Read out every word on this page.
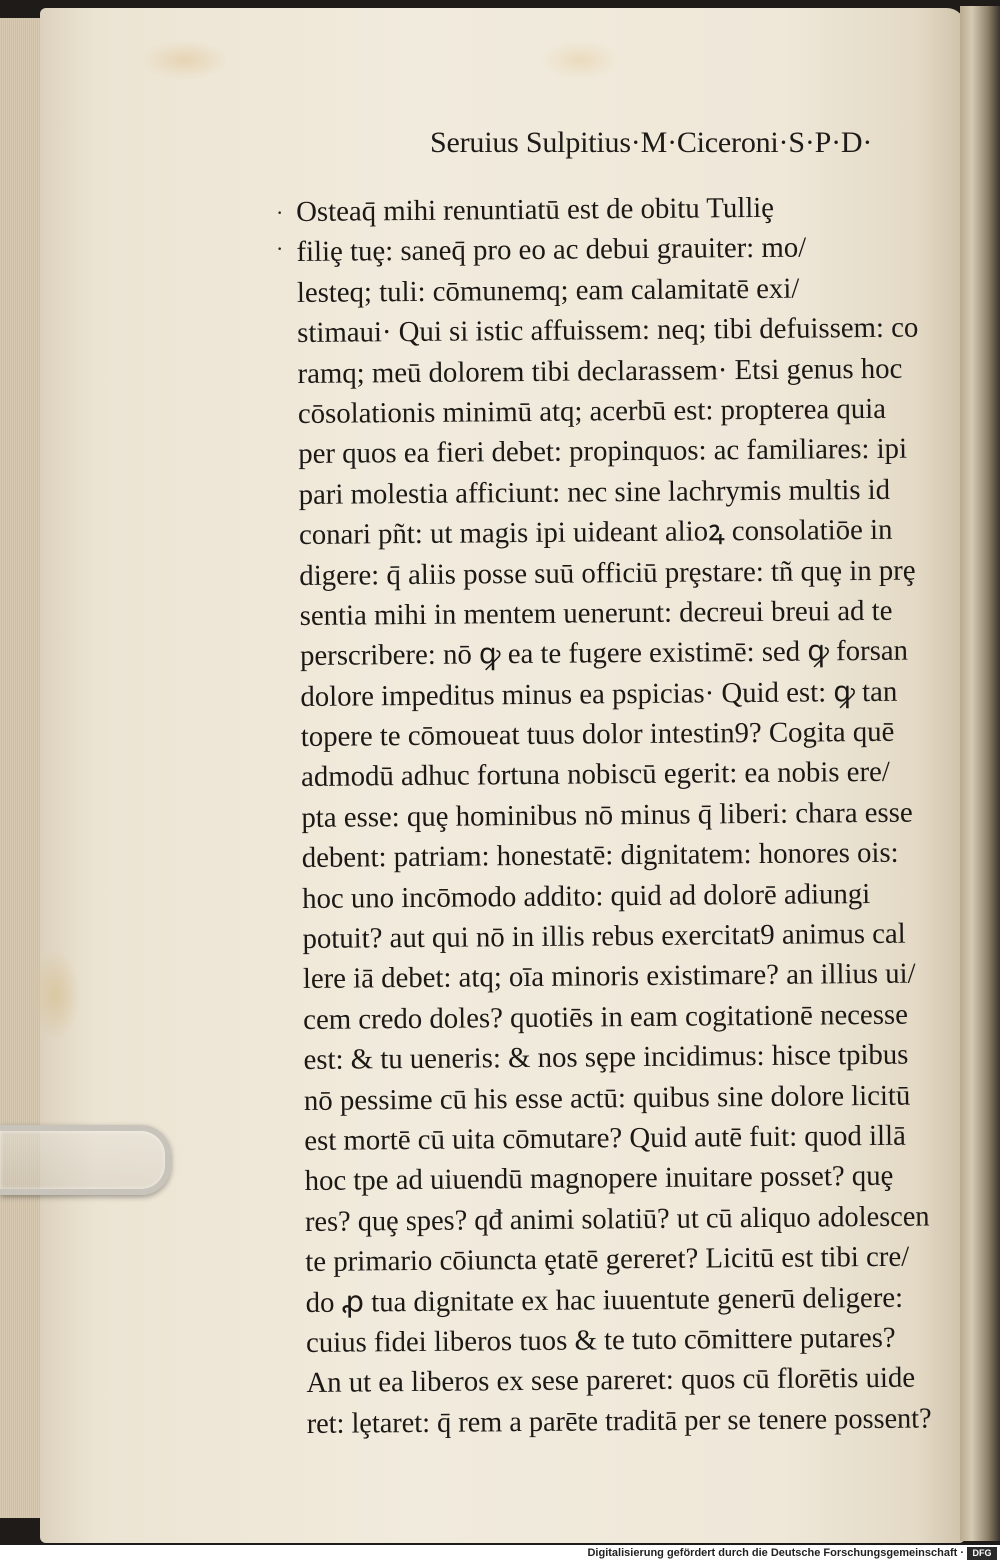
Seruius Sulpitius·M·Ciceroni·S·P·D·
·
·
Osteaq̄ mihi renuntiatū est de obitu Tulliȩ
filiȩ tuȩ: saneq̄ pro eo ac debui grauiter: mo/
lesteq; tuli: cōmunemq; eam calamitatē exi/
stimaui· Qui si istic affuissem: neq; tibi defuissem: co
ramq; meū dolorem tibi declarassem· Etsi genus hoc
cōsolationis minimū atq; acerbū est: propterea quia
per quos ea fieri debet: propinquos: ac familiares: ipi
pari molestia afficiunt: nec sine lachrymis multis id
conari pñt: ut magis ipi uideant alioꝝ consolatiōe in
digere: q̄ aliis posse suū officiū prȩstare: tñ quȩ in prȩ
sentia mihi in mentem uenerunt: decreui breui ad te
perscribere: nō ꝙ ea te fugere existimē: sed ꝙ forsan
dolore impeditus minus ea pspicias· Quid est: ꝙ tan
topere te cōmoueat tuus dolor intestin9? Cogita quē
admodū adhuc fortuna nobiscū egerit: ea nobis ere/
pta esse: quȩ hominibus nō minus q̄ liberi: chara esse
debent: patriam: honestatē: dignitatem: honores ois:
hoc uno incōmodo addito: quid ad dolorē adiungi
potuit? aut qui nō in illis rebus exercitat9 animus cal
lere iā debet: atq; oīa minoris existimare? an illius ui/
cem credo doles? quotiēs in eam cogitationē necesse
est: & tu ueneris: & nos sȩpe incidimus: hisce tpibus
nō pessime cū his esse actū: quibus sine dolore licitū
est mortē cū uita cōmutare? Quid autē fuit: quod illā
hoc tpe ad uiuendū magnopere inuitare posset? quȩ
res? quȩ spes? qđ animi solatiū? ut cū aliquo adolescen
te primario cōiuncta ȩtatē gereret? Licitū est tibi cre/
do ꝓ tua dignitate ex hac iuuentute generū deligere:
cuius fidei liberos tuos & te tuto cōmittere putares?
An ut ea liberos ex sese pareret: quos cū florētis uide
ret: lȩtaret: q̄ rem a parēte traditā per se tenere possent?
Digitalisierung gefördert durch die Deutsche Forschungsgemeinschaft · DFG
